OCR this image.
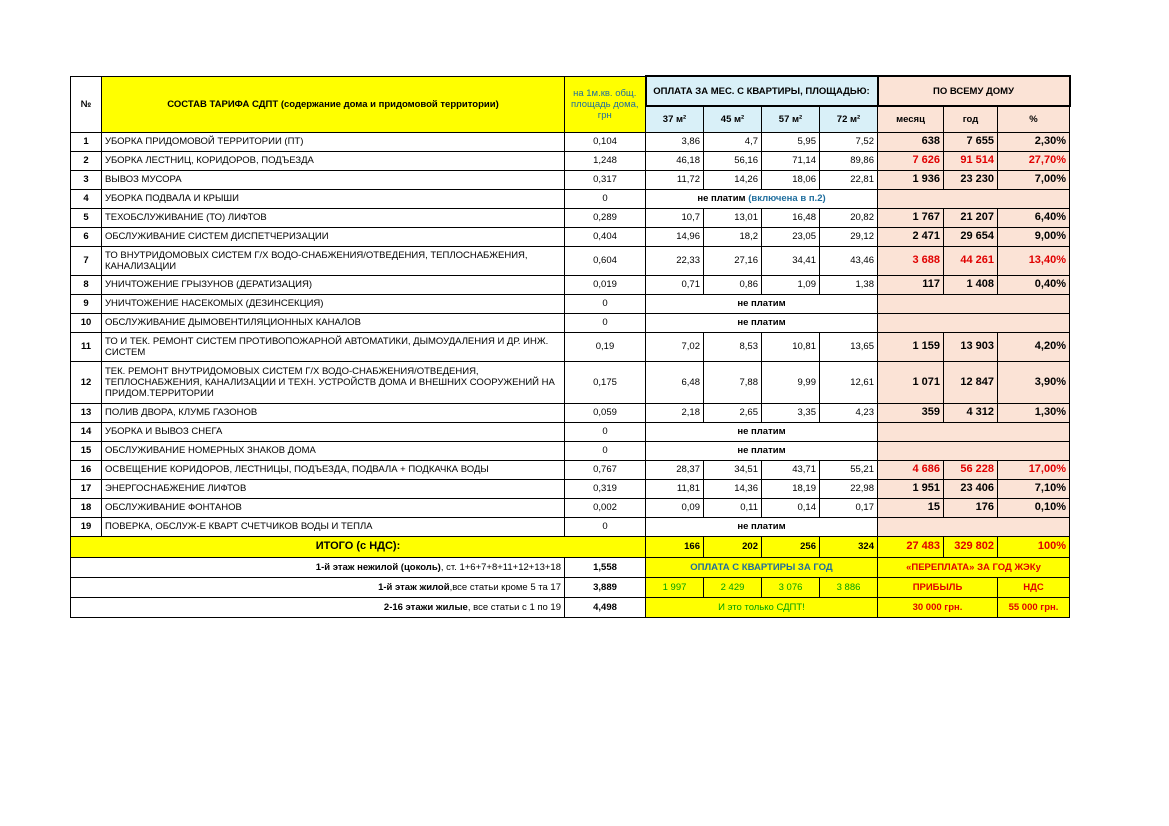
№	СОСТАВ ТАРИФА СДПТ (содержание дома и придомовой территории)	на 1м.кв. общ. площадь дома, грн	ОПЛАТА ЗА МЕС. С КВАРТИРЫ, ПЛОЩАДЬЮ:				ПО ВСЕМУ ДОМУ		
			37 м²	45 м²	57 м²	72 м²	месяц	год	%
1	УБОРКА ПРИДОМОВОЙ ТЕРРИТОРИИ (ПТ)	0,104	3,86	4,7	5,95	7,52	638	7 655	2,30%
2	УБОРКА ЛЕСТНИЦ, КОРИДОРОВ, ПОДЪЕЗДА	1,248	46,18	56,16	71,14	89,86	7 626	91 514	27,70%
3	ВЫВОЗ МУСОРА	0,317	11,72	14,26	18,06	22,81	1 936	23 230	7,00%
4	УБОРКА ПОДВАЛА И КРЫШИ	0	не платим (включена в п.2)						
5	ТЕХОБСЛУЖИВАНИЕ (ТО) ЛИФТОВ	0,289	10,7	13,01	16,48	20,82	1 767	21 207	6,40%
6	ОБСЛУЖИВАНИЕ СИСТЕМ ДИСПЕТЧЕРИЗАЦИИ	0,404	14,96	18,2	23,05	29,12	2 471	29 654	9,00%
7	ТО ВНУТРИДОМОВЫХ СИСТЕМ Г/Х ВОДО-СНАБЖЕНИЯ/ОТВЕДЕНИЯ, ТЕПЛОСНАБЖЕНИЯ, КАНАЛИЗАЦИИ	0,604	22,33	27,16	34,41	43,46	3 688	44 261	13,40%
8	УНИЧТОЖЕНИЕ ГРЫЗУНОВ (ДЕРАТИЗАЦИЯ)	0,019	0,71	0,86	1,09	1,38	117	1 408	0,40%
9	УНИЧТОЖЕНИЕ НАСЕКОМЫХ (ДЕЗИНСЕКЦИЯ)	0	не платим						
10	ОБСЛУЖИВАНИЕ ДЫМОВЕНТИЛЯЦИОННЫХ КАНАЛОВ	0	не платим						
11	ТО И ТЕК. РЕМОНТ СИСТЕМ ПРОТИВОПОЖАРНОЙ АВТОМАТИКИ, ДЫМОУДАЛЕНИЯ И ДР. ИНЖ. СИСТЕМ	0,19	7,02	8,53	10,81	13,65	1 159	13 903	4,20%
12	ТЕК. РЕМОНТ ВНУТРИДОМОВЫХ СИСТЕМ Г/Х ВОДО-СНАБЖЕНИЯ/ОТВЕДЕНИЯ, ТЕПЛОСНАБЖЕНИЯ, КАНАЛИЗАЦИИ И ТЕХН. УСТРОЙСТВ ДОМА И ВНЕШНИХ СООРУЖЕНИЙ НА ПРИДОМ.ТЕРРИТОРИИ	0,175	6,48	7,88	9,99	12,61	1 071	12 847	3,90%
13	ПОЛИВ ДВОРА, КЛУМБ ГАЗОНОВ	0,059	2,18	2,65	3,35	4,23	359	4 312	1,30%
14	УБОРКА И ВЫВОЗ СНЕГА	0	не платим						
15	ОБСЛУЖИВАНИЕ НОМЕРНЫХ ЗНАКОВ ДОМА	0	не платим						
16	ОСВЕЩЕНИЕ КОРИДОРОВ, ЛЕСТНИЦЫ, ПОДЪЕЗДА, ПОДВАЛА + ПОДКАЧКА ВОДЫ	0,767	28,37	34,51	43,71	55,21	4 686	56 228	17,00%
17	ЭНЕРГОСНАБЖЕНИЕ ЛИФТОВ	0,319	11,81	14,36	18,19	22,98	1 951	23 406	7,10%
18	ОБСЛУЖИВАНИЕ ФОНТАНОВ	0,002	0,09	0,11	0,14	0,17	15	176	0,10%
19	ПОВЕРКА, ОБСЛУЖ-Е КВАРТ СЧЕТЧИКОВ ВОДЫ И ТЕПЛА	0	не платим						
ИТОГО (с НДС):			166	202	256	324	27 483	329 802	100%
1-й этаж нежилой (цоколь), ст. 1+6+7+8+11+12+13+18		1,558	ОПЛАТА С КВАРТИРЫ ЗА ГОД				«ПЕРЕПЛАТА» ЗА ГОД ЖЭКу		
1-й этаж жилой,все статьи кроме 5 та 17		3,889	1 997	2 429	3 076	3 886	ПРИБЫЛЬ		НДС
2-16 этажи жилые, все статьи с 1 по 19		4,498	И это только СДПТ!				30 000 грн.		55 000 грн.
